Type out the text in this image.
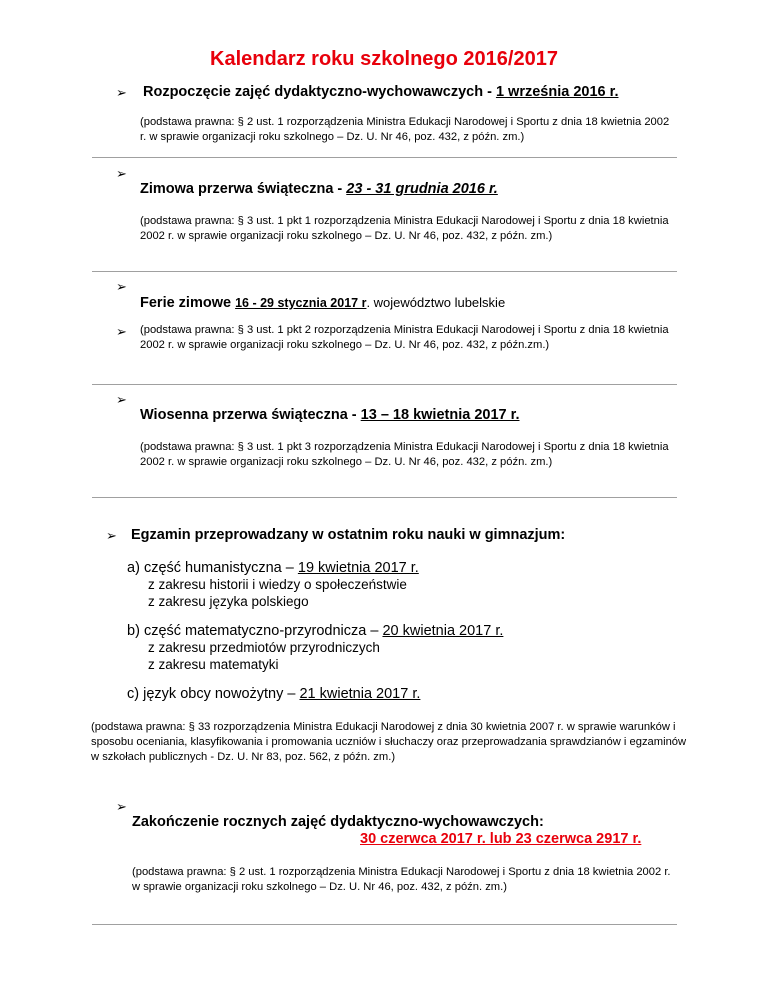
Kalendarz roku szkolnego 2016/2017
➢ Rozpoczęcie zajęć dydaktyczno-wychowawczych - 1 września 2016 r.
(podstawa prawna: § 2 ust. 1 rozporządzenia Ministra Edukacji Narodowej i Sportu z dnia 18 kwietnia 2002 r. w sprawie organizacji roku szkolnego – Dz. U. Nr 46, poz. 432, z późn. zm.)
➢
Zimowa przerwa świąteczna - 23 - 31 grudnia 2016 r.
(podstawa prawna: § 3 ust. 1 pkt 1 rozporządzenia Ministra Edukacji Narodowej i Sportu z dnia 18 kwietnia 2002 r. w sprawie organizacji roku szkolnego – Dz. U. Nr 46, poz. 432, z późn. zm.)
➢
Ferie zimowe 16 - 29 stycznia 2017 r. województwo lubelskie
➢ (podstawa prawna: § 3 ust. 1 pkt 2 rozporządzenia Ministra Edukacji Narodowej i Sportu z dnia 18 kwietnia 2002 r. w sprawie organizacji roku szkolnego – Dz. U. Nr 46, poz. 432, z późn.zm.)
➢
Wiosenna przerwa świąteczna - 13 – 18 kwietnia 2017 r.
(podstawa prawna: § 3 ust. 1 pkt 3 rozporządzenia Ministra Edukacji Narodowej i Sportu z dnia 18 kwietnia 2002 r. w sprawie organizacji roku szkolnego – Dz. U. Nr 46, poz. 432, z późn. zm.)
➢ Egzamin przeprowadzany w ostatnim roku nauki w gimnazjum:
a) część humanistyczna – 19 kwietnia 2017 r.
z zakresu historii i wiedzy o społeczeństwie
z zakresu języka polskiego
b) część matematyczno-przyrodnicza – 20 kwietnia 2017 r.
z zakresu przedmiotów przyrodniczych
z zakresu matematyki
c) język obcy nowożytny – 21 kwietnia 2017 r.
(podstawa prawna: § 33 rozporządzenia Ministra Edukacji Narodowej z dnia 30 kwietnia 2007 r. w sprawie warunków i sposobu oceniania, klasyfikowania i promowania uczniów i słuchaczy oraz przeprowadzania sprawdzianów i egzaminów w szkołach publicznych - Dz. U. Nr 83, poz. 562, z późn. zm.)
➢
Zakończenie rocznych zajęć dydaktyczno-wychowawczych:
30 czerwca 2017 r. lub 23 czerwca 2917 r.
(podstawa prawna: § 2 ust. 1 rozporządzenia Ministra Edukacji Narodowej i Sportu z dnia 18 kwietnia 2002 r. w sprawie organizacji roku szkolnego – Dz. U. Nr 46, poz. 432, z późn. zm.)
